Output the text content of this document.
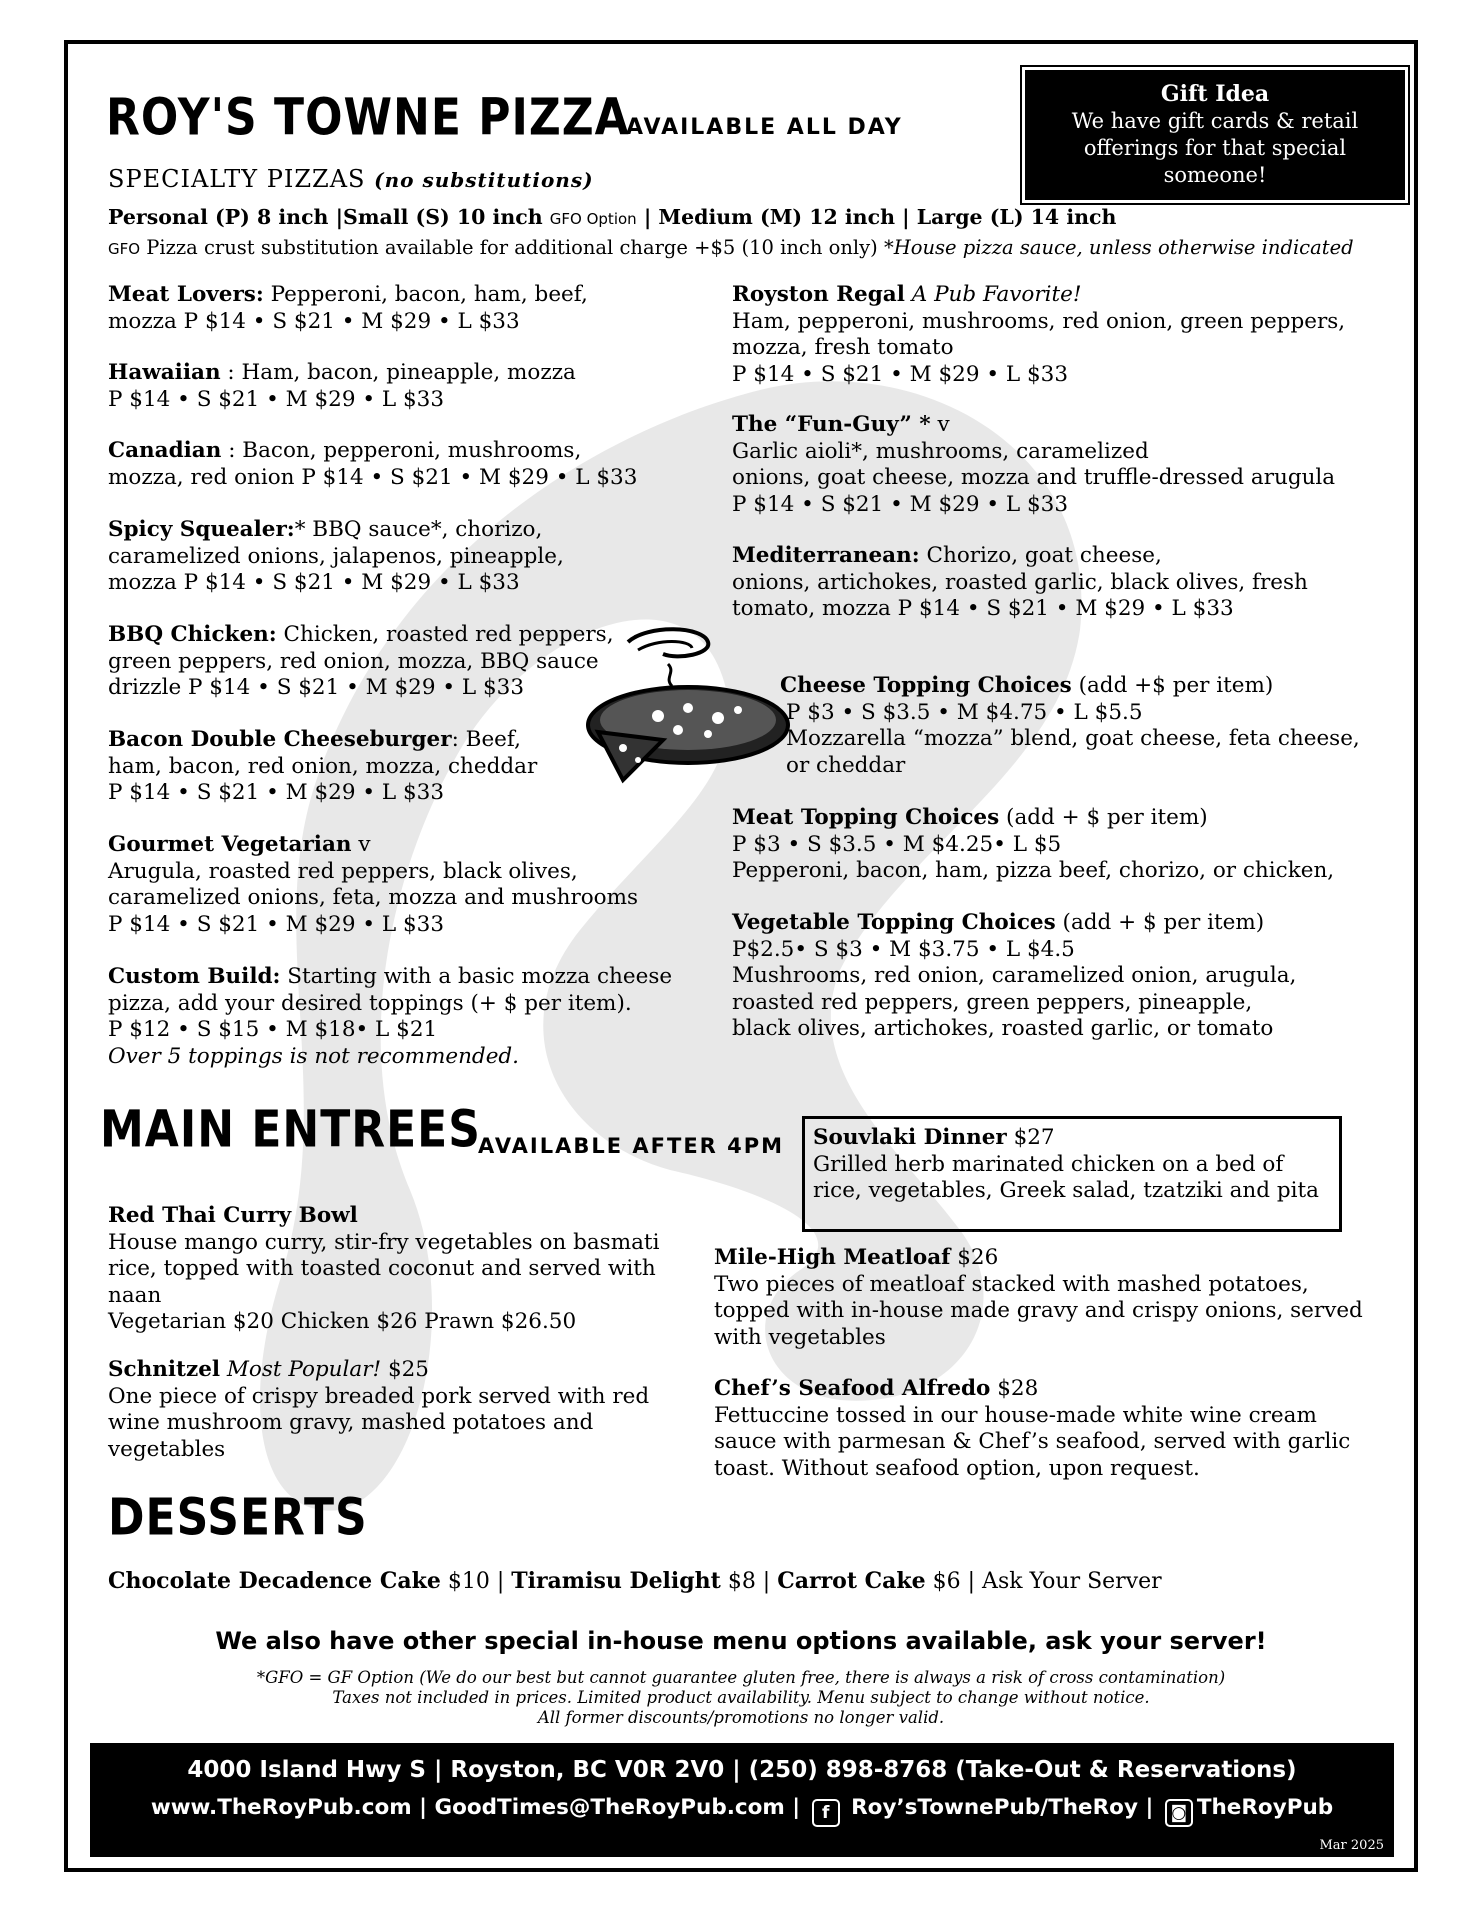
ROY'S TOWNE PIZZA
AVAILABLE ALL DAY
SPECIALTY PIZZAS (no substitutions)
Personal (P) 8 inch |Small (S) 10 inch GFO Option | Medium (M) 12 inch | Large (L) 14 inch
GFO Pizza crust substitution available for additional charge +$5 (10 inch only) *House pizza sauce, unless otherwise indicated
Gift Idea
We have gift cards & retail
offerings for that special
someone!
Meat Lovers: Pepperoni, bacon, ham, beef,
mozza P $14 • S $21 • M $29 • L $33
Hawaiian : Ham, bacon, pineapple, mozza
P $14 • S $21 • M $29 • L $33
Canadian : Bacon, pepperoni, mushrooms,
mozza, red onion P $14 • S $21 • M $29 • L $33
Spicy Squealer:* BBQ sauce*, chorizo,
caramelized onions, jalapenos, pineapple,
mozza P $14 • S $21 • M $29 • L $33
BBQ Chicken: Chicken, roasted red peppers,
green peppers, red onion, mozza, BBQ sauce
drizzle P $14 • S $21 • M $29 • L $33
Bacon Double Cheeseburger: Beef,
ham, bacon, red onion, mozza, cheddar
P $14 • S $21 • M $29 • L $33
Gourmet Vegetarian v
Arugula, roasted red peppers, black olives,
caramelized onions, feta, mozza and mushrooms
P $14 • S $21 • M $29 • L $33
Custom Build: Starting with a basic mozza cheese
pizza, add your desired toppings (+ $ per item).
P $12 • S $15 • M $18• L $21
Over 5 toppings is not recommended.
Royston Regal A Pub Favorite!
Ham, pepperoni, mushrooms, red onion, green peppers,
mozza, fresh tomato
P $14 • S $21 • M $29 • L $33
The “Fun-Guy” * v
Garlic aioli*, mushrooms, caramelized
onions, goat cheese, mozza and truffle-dressed arugula
P $14 • S $21 • M $29 • L $33
Mediterranean: Chorizo, goat cheese,
onions, artichokes, roasted garlic, black olives, fresh
tomato, mozza P $14 • S $21 • M $29 • L $33
Cheese Topping Choices (add +$ per item)
P $3 • S $3.5 • M $4.75 • L $5.5
Mozzarella “mozza” blend, goat cheese, feta cheese,
or cheddar
Meat Topping Choices (add + $ per item)
P $3 • S $3.5 • M $4.25• L $5
Pepperoni, bacon, ham, pizza beef, chorizo, or chicken,
Vegetable Topping Choices (add + $ per item)
P$2.5• S $3 • M $3.75 • L $4.5
Mushrooms, red onion, caramelized onion, arugula,
roasted red peppers, green peppers, pineapple,
black olives, artichokes, roasted garlic, or tomato
MAIN ENTREES
AVAILABLE AFTER 4PM	Souvlaki Dinner $27
Grilled herb marinated chicken on a bed of
rice, vegetables, Greek salad, tzatziki and pita
Red Thai Curry Bowl
House mango curry, stir-fry vegetables on basmati
rice, topped with toasted coconut and served with
naan
Vegetarian $20 Chicken $26 Prawn $26.50
Schnitzel Most Popular! $25
One piece of crispy breaded pork served with red
wine mushroom gravy, mashed potatoes and
vegetables
Mile-High Meatloaf $26
Two pieces of meatloaf stacked with mashed potatoes,
topped with in-house made gravy and crispy onions, served
with vegetables
Chef’s Seafood Alfredo $28
Fettuccine tossed in our house-made white wine cream
sauce with parmesan & Chef’s seafood, served with garlic
toast. Without seafood option, upon request.
DESSERTS
Chocolate Decadence Cake $10 | Tiramisu Delight $8 | Carrot Cake $6 | Ask Your Server
We also have other special in-house menu options available, ask your server!
*GFO = GF Option (We do our best but cannot guarantee gluten free, there is always a risk of cross contamination)
Taxes not included in prices. Limited product availability. Menu subject to change without notice.
All former discounts/promotions no longer valid.
4000 Island Hwy S | Royston, BC V0R 2V0 | (250) 898-8768 (Take-Out & Reservations)
www.TheRoyPub.com | GoodTimes@TheRoyPub.com | f Roy’sTownePub/TheRoy | ◙ TheRoyPub
Mar 2025
